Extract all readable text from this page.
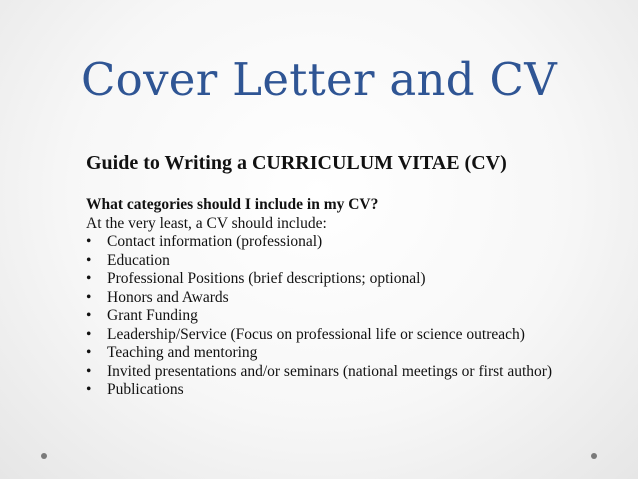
Cover Letter and CV
Guide to Writing a CURRICULUM VITAE (CV)
What categories should I include in my CV?
At the very least, a CV should include:
• Contact information (professional)
• Education
• Professional Positions (brief descriptions; optional)
• Honors and Awards
• Grant Funding
• Leadership/Service (Focus on professional life or science outreach)
• Teaching and mentoring
• Invited presentations and/or seminars (national meetings or first author)
• Publications
